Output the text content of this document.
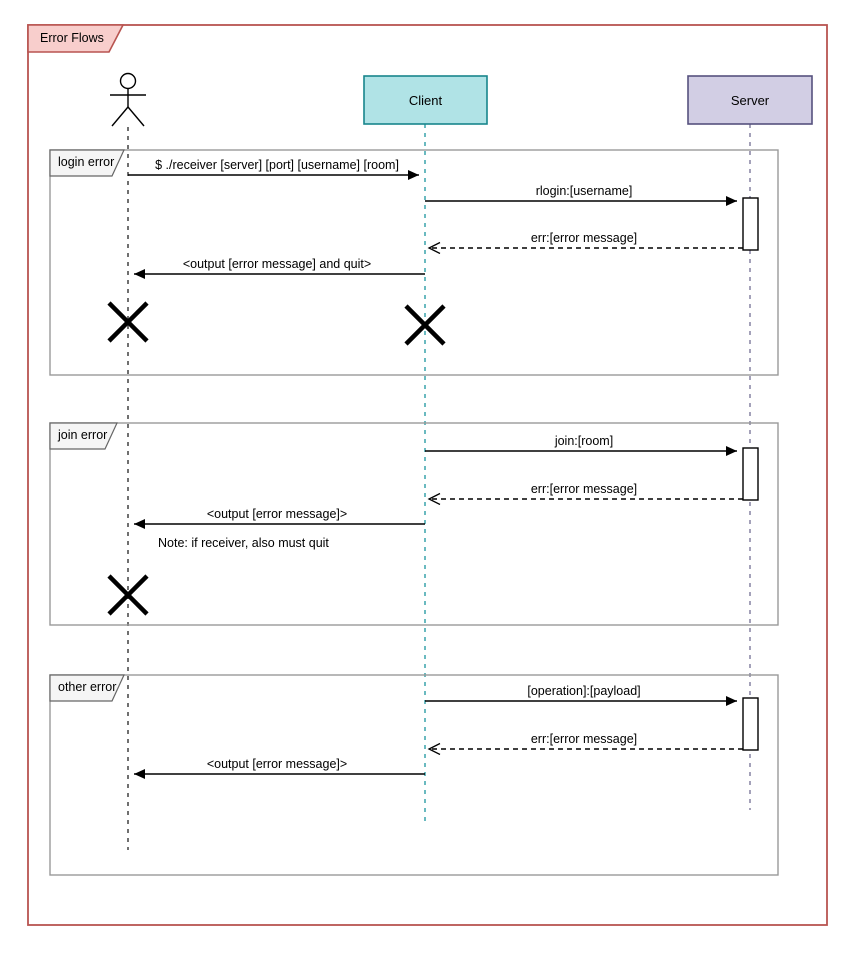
Error Flows
Client	Server
login error	$ ./receiver [server] [port] [username] [room]
rlogin:[username]
err:[error message]
<output [error message] and quit>
join error	join:[room]
err:[error message]
<output [error message]>
Note: if receiver, also must quit
other error	[operation]:[payload]
err:[error message]
<output [error message]>
